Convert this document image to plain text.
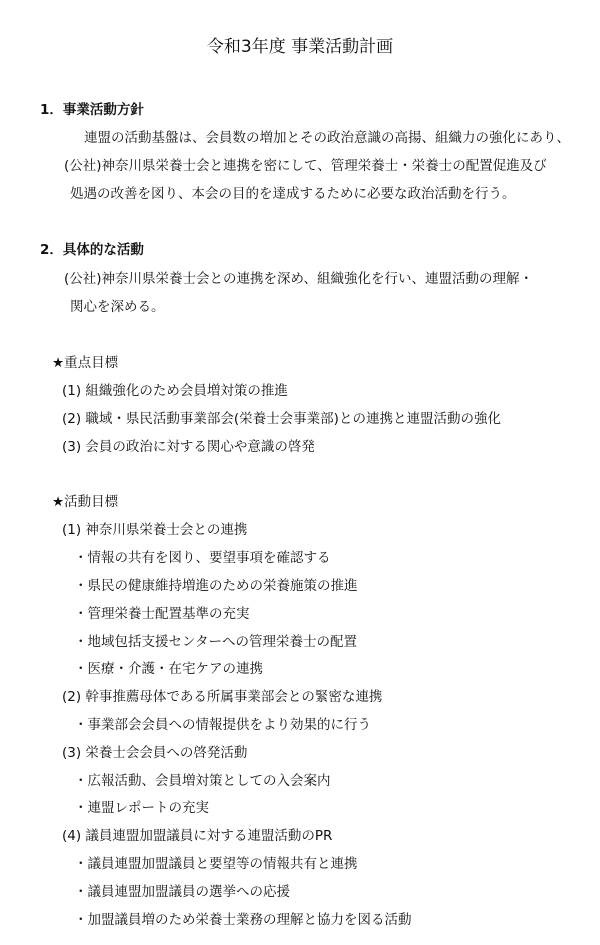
令和3年度 事業活動計画
1．事業活動方針
連盟の活動基盤は、会員数の増加とその政治意識の高揚、組織力の強化にあり、
(公社)神奈川県栄養士会と連携を密にして、管理栄養士・栄養士の配置促進及び
処遇の改善を図り、本会の目的を達成するために必要な政治活動を行う。
2．具体的な活動
(公社)神奈川県栄養士会との連携を深め、組織強化を行い、連盟活動の理解・
関心を深める。
★重点目標
(1) 組織強化のため会員増対策の推進
(2) 職域・県民活動事業部会(栄養士会事業部)との連携と連盟活動の強化
(3) 会員の政治に対する関心や意識の啓発
★活動目標
(1) 神奈川県栄養士会との連携
・情報の共有を図り、要望事項を確認する
・県民の健康維持増進のための栄養施策の推進
・管理栄養士配置基準の充実
・地域包括支援センターへの管理栄養士の配置
・医療・介護・在宅ケアの連携
(2) 幹事推薦母体である所属事業部会との緊密な連携
・事業部会会員への情報提供をより効果的に行う
(3) 栄養士会会員への啓発活動
・広報活動、会員増対策としての入会案内
・連盟レポートの充実
(4) 議員連盟加盟議員に対する連盟活動のPR
・議員連盟加盟議員と要望等の情報共有と連携
・議員連盟加盟議員の選挙への応援
・加盟議員増のため栄養士業務の理解と協力を図る活動
